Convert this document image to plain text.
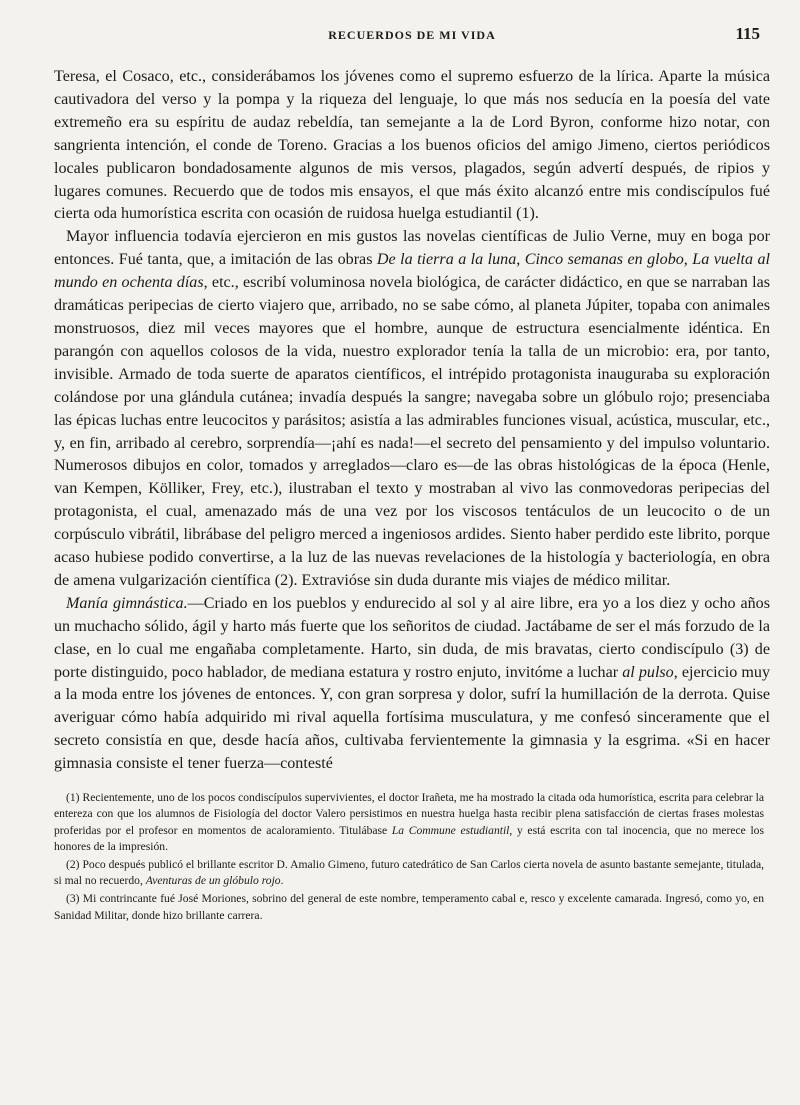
RECUERDOS DE MI VIDA	115

Teresa, el Cosaco, etc., considerábamos los jóvenes como el supremo esfuerzo de la lírica. Aparte la música cautivadora del verso y la pompa y la riqueza del lenguaje, lo que más nos seducía en la poesía del vate extremeño era su espíritu de audaz rebeldía, tan semejante a la de Lord Byron, conforme hizo notar, con sangrienta intención, el conde de Toreno. Gracias a los buenos oficios del amigo Jimeno, ciertos periódicos locales publicaron bondadosamente algunos de mis versos, plagados, según advertí después, de ripios y lugares comunes. Recuerdo que de todos mis ensayos, el que más éxito alcanzó entre mis condiscípulos fué cierta oda humorística escrita con ocasión de ruidosa huelga estudiantil (1).

Mayor influencia todavía ejercieron en mis gustos las novelas científicas de Julio Verne, muy en boga por entonces. Fué tanta, que, a imitación de las obras De la tierra a la luna, Cinco semanas en globo, La vuelta al mundo en ochenta días, etc., escribí voluminosa novela biológica, de carácter didáctico, en que se narraban las dramáticas peripecias de cierto viajero que, arribado, no se sabe cómo, al planeta Júpiter, topaba con animales monstruosos, diez mil veces mayores que el hombre, aunque de estructura esencialmente idéntica. En parangón con aquellos colosos de la vida, nuestro explorador tenía la talla de un microbio: era, por tanto, invisible. Armado de toda suerte de aparatos científicos, el intrépido protagonista inauguraba su exploración colándose por una glándula cutánea; invadía después la sangre; navegaba sobre un glóbulo rojo; presenciaba las épicas luchas entre leucocitos y parásitos; asistía a las admirables funciones visual, acústica, muscular, etc., y, en fin, arribado al cerebro, sorprendía—¡ahí es nada!—el secreto del pensamiento y del impulso voluntario. Numerosos dibujos en color, tomados y arreglados—claro es—de las obras histológicas de la época (Henle, van Kempen, Kölliker, Frey, etc.), ilustraban el texto y mostraban al vivo las conmovedoras peripecias del protagonista, el cual, amenazado más de una vez por los viscosos tentáculos de un leucocito o de un corpúsculo vibrátil, librábase del peligro merced a ingeniosos ardides. Siento haber perdido este librito, porque acaso hubiese podido convertirse, a la luz de las nuevas revelaciones de la histología y bacteriología, en obra de amena vulgarización científica (2). Extravióse sin duda durante mis viajes de médico militar.

Manía gimnástica.—Criado en los pueblos y endurecido al sol y al aire libre, era yo a los diez y ocho años un muchacho sólido, ágil y harto más fuerte que los señoritos de ciudad. Jactábame de ser el más forzudo de la clase, en lo cual me engañaba completamente. Harto, sin duda, de mis bravatas, cierto condiscípulo (3) de porte distinguido, poco hablador, de mediana estatura y rostro enjuto, invitóme a luchar al pulso, ejercicio muy a la moda entre los jóvenes de entonces. Y, con gran sorpresa y dolor, sufrí la humillación de la derrota. Quise averiguar cómo había adquirido mi rival aquella fortísima musculatura, y me confesó sinceramente que el secreto consistía en que, desde hacía años, cultivaba fervientemente la gimnasia y la esgrima. «Si en hacer gimnasia consiste el tener fuerza—contesté

(1) Recientemente, uno de los pocos condiscípulos supervivientes, el doctor Irañeta, me ha mostrado la citada oda humorística, escrita para celebrar la entereza con que los alumnos de Fisiología del doctor Valero persistimos en nuestra huelga hasta recibir plena satisfacción de ciertas frases molestas proferidas por el profesor en momentos de acaloramiento. Titulábase La Commune estudiantil, y está escrita con tal inocencia, que no merece los honores de la impresión.

(2) Poco después publicó el brillante escritor D. Amalio Gimeno, futuro catedrático de San Carlos cierta novela de asunto bastante semejante, titulada, si mal no recuerdo, Aventuras de un glóbulo rojo.

(3) Mi contrincante fué José Moriones, sobrino del general de este nombre, temperamento cabal e, resco y excelente camarada. Ingresó, como yo, en Sanidad Militar, donde hizo brillante carrera.
